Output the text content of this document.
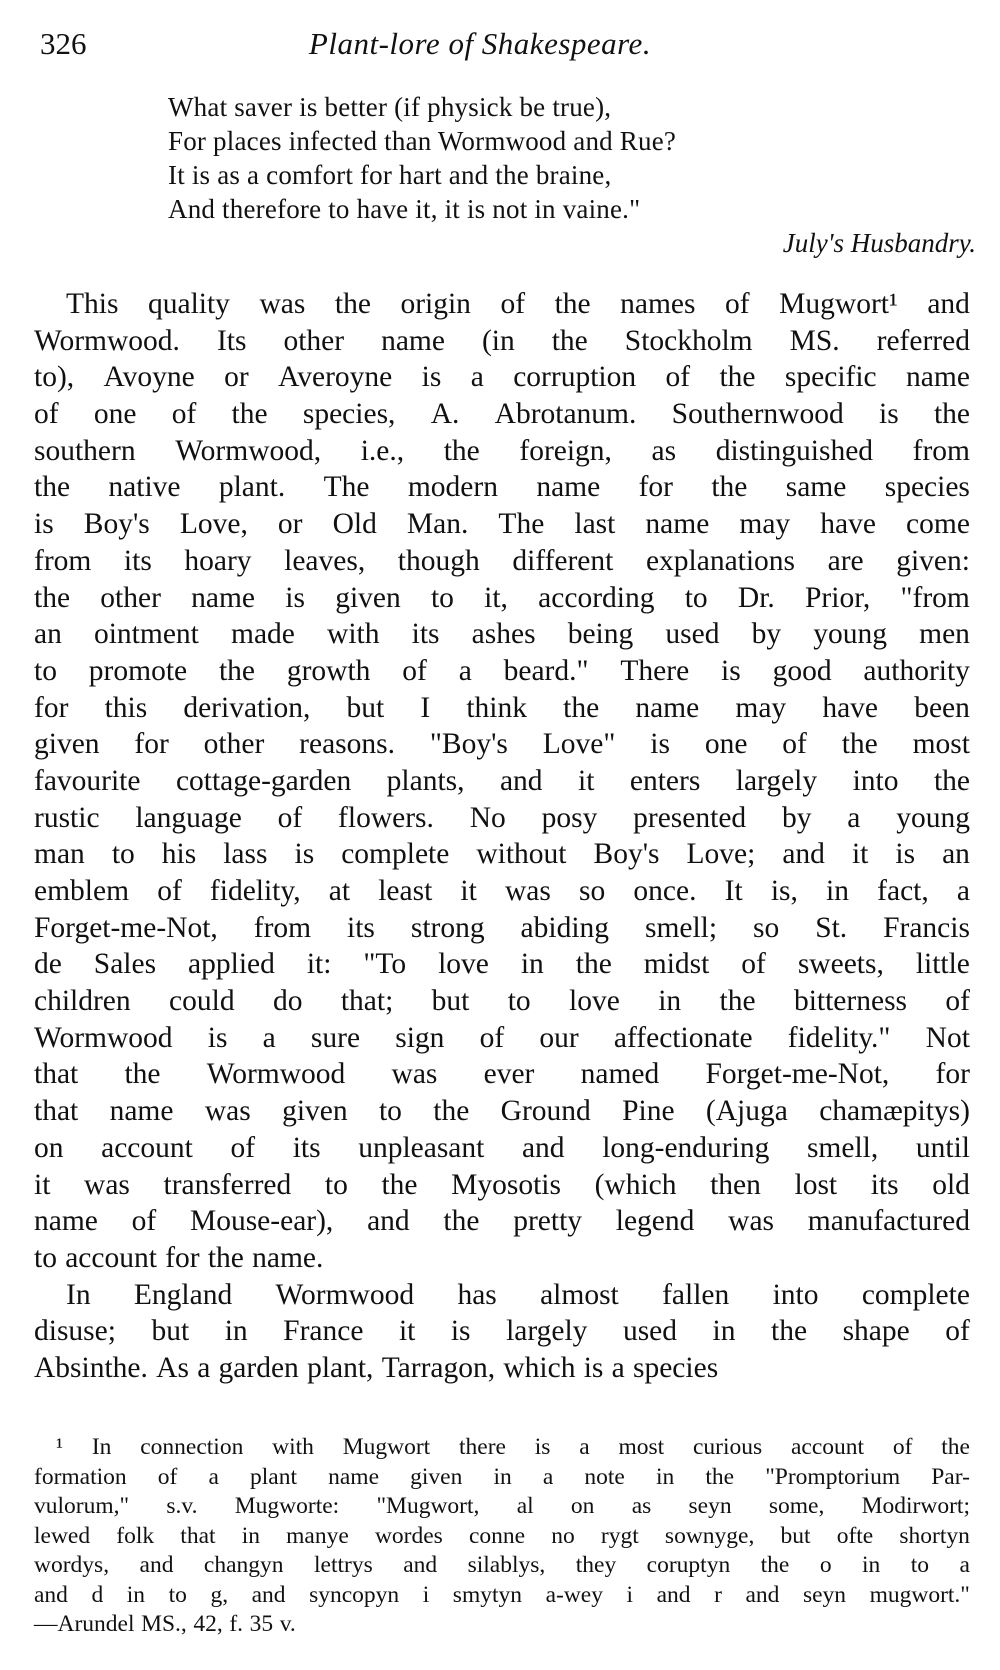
326	Plant-lore of Shakespeare.
What saver is better (if physick be true),
For places infected than Wormwood and Rue?
It is as a comfort for hart and the braine,
And therefore to have it, it is not in vaine."
July's Husbandry.
This quality was the origin of the names of Mugwort¹ and
Wormwood. Its other name (in the Stockholm MS. referred
to), Avoyne or Averoyne is a corruption of the specific name
of one of the species, A. Abrotanum. Southernwood is the
southern Wormwood, i.e., the foreign, as distinguished from
the native plant. The modern name for the same species
is Boy's Love, or Old Man. The last name may have come
from its hoary leaves, though different explanations are given:
the other name is given to it, according to Dr. Prior, "from
an ointment made with its ashes being used by young men
to promote the growth of a beard." There is good authority
for this derivation, but I think the name may have been
given for other reasons. "Boy's Love" is one of the most
favourite cottage-garden plants, and it enters largely into the
rustic language of flowers. No posy presented by a young
man to his lass is complete without Boy's Love; and it is an
emblem of fidelity, at least it was so once. It is, in fact, a
Forget-me-Not, from its strong abiding smell; so St. Francis
de Sales applied it: "To love in the midst of sweets, little
children could do that; but to love in the bitterness of
Wormwood is a sure sign of our affectionate fidelity." Not
that the Wormwood was ever named Forget-me-Not, for
that name was given to the Ground Pine (Ajuga chamæpitys)
on account of its unpleasant and long-enduring smell, until
it was transferred to the Myosotis (which then lost its old
name of Mouse-ear), and the pretty legend was manufactured
to account for the name.
In England Wormwood has almost fallen into complete
disuse; but in France it is largely used in the shape of
Absinthe. As a garden plant, Tarragon, which is a species
¹ In connection with Mugwort there is a most curious account of the
formation of a plant name given in a note in the "Promptorium Par-
vulorum," s.v. Mugworte: "Mugwort, al on as seyn some, Modirwort;
lewed folk that in manye wordes conne no rygt sownyge, but ofte shortyn
wordys, and changyn lettrys and silablys, they coruptyn the o in to a
and d in to g, and syncopyn i smytyn a-wey i and r and seyn mugwort."
—Arundel MS., 42, f. 35 v.
